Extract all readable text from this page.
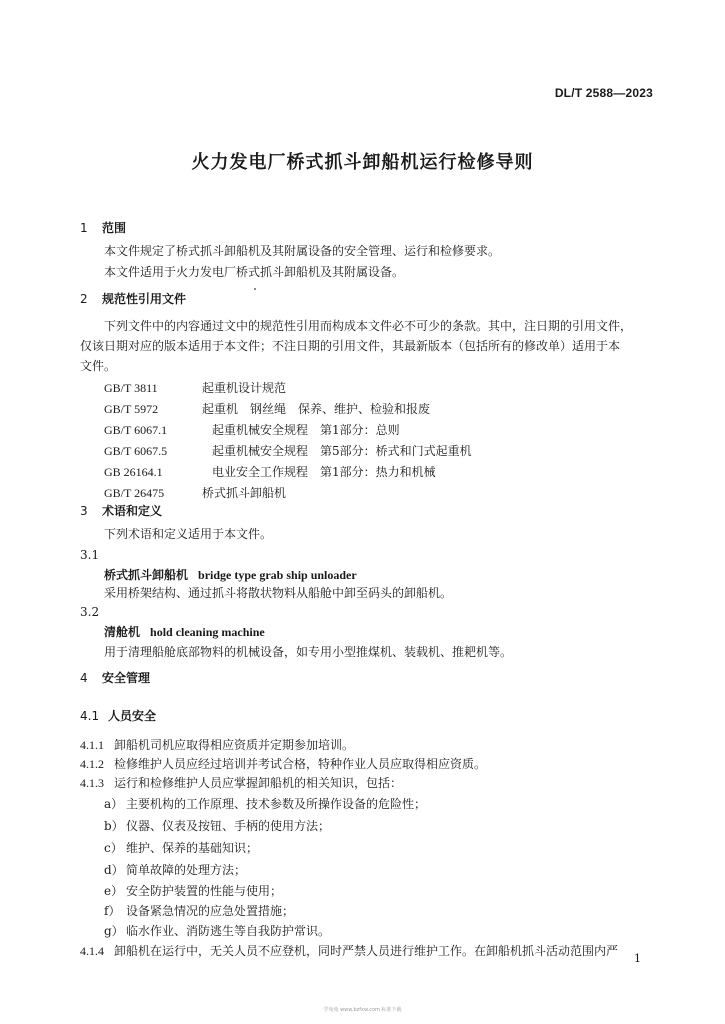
DL/T 2588—2023
火力发电厂桥式抓斗卸船机运行检修导则
1 范围
本文件规定了桥式抓斗卸船机及其附属设备的安全管理、运行和检修要求。
本文件适用于火力发电厂桥式抓斗卸船机及其附属设备。
2 规范性引用文件
下列文件中的内容通过文中的规范性引用而构成本文件必不可少的条款。其中，注日期的引用文件，
仅该日期对应的版本适用于本文件；不注日期的引用文件，其最新版本（包括所有的修改单）适用于本
文件。
GB/T 3811	起重机设计规范
GB/T 5972	起重机　钢丝绳　保养、维护、检验和报废
GB/T 6067.1	起重机械安全规程　第1部分：总则
GB/T 6067.5	起重机械安全规程　第5部分：桥式和门式起重机
GB 26164.1	电业安全工作规程　第1部分：热力和机械
GB/T 26475	桥式抓斗卸船机
3 术语和定义
下列术语和定义适用于本文件。
3.1
桥式抓斗卸船机 bridge type grab ship unloader
采用桥架结构、通过抓斗将散状物料从船舱中卸至码头的卸船机。
3.2
清舱机 hold cleaning machine
用于清理船舱底部物料的机械设备，如专用小型推煤机、装载机、推耙机等。
4 安全管理
4.1 人员安全
4.1.1 卸船机司机应取得相应资质并定期参加培训。
4.1.2 检修维护人员应经过培训并考试合格，特种作业人员应取得相应资质。
4.1.3 运行和检修维护人员应掌握卸船机的相关知识，包括：
a） 主要机构的工作原理、技术参数及所操作设备的危险性；
b） 仪器、仪表及按钮、手柄的使用方法；
c） 维护、保养的基础知识；
d） 简单故障的处理方法；
e） 安全防护装置的性能与使用；
f） 设备紧急情况的应急处置措施；
g） 临水作业、消防逃生等自我防护常识。
4.1.4 卸船机在运行中，无关人员不应登机，同时严禁人员进行维护工作。在卸船机抓斗活动范围内严
1
学兔兔 www.bzfxw.com 标准下载
